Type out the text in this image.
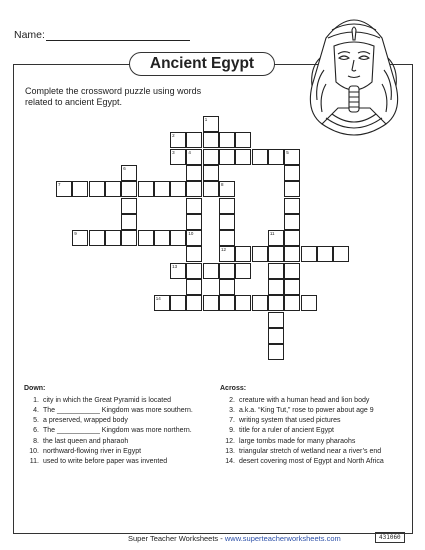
Name:
Ancient Egypt
Complete the crossword puzzle using words related to ancient Egypt.
2
3	4	5
7	8
9	10
12
13
14
1
6
11
Down:
1. city in which the Great Pyramid is located
4. The ___________ Kingdom was more southern.
5. a preserved, wrapped body
6. The ___________ Kingdom was more northern.
8. the last queen and pharaoh
10. northward-flowing river in Egypt
11. used to write before paper was invented
Across:
2. creature with a human head and lion body
3. a.k.a. “King Tut,” rose to power about age 9
7. writing system that used pictures
9. title for a ruler of ancient Egypt
12. large tombs made for many pharaohs
13. triangular stretch of wetland near a river’s end
14. desert covering most of Egypt and North Africa
Super Teacher Worksheets - www.superteacherworksheets.com	431060
